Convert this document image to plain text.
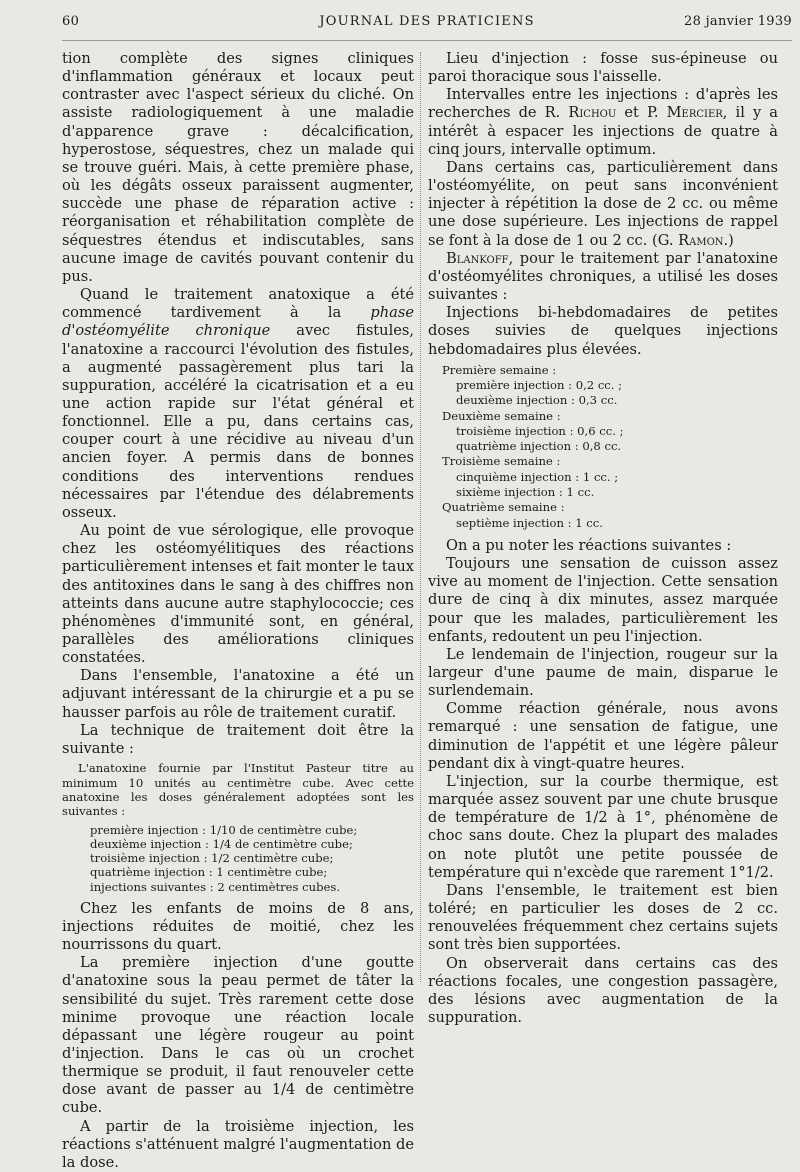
60	JOURNAL DES PRATICIENS	28 janvier 1939

tion complète des signes cliniques d'inflammation généraux et locaux peut contraster avec l'aspect sérieux du cliché. On assiste radiologiquement à une maladie d'apparence grave : décalcification, hyperostose, séquestres, chez un malade qui se trouve guéri. Mais, à cette première phase, où les dégâts osseux paraissent augmenter, succède une phase de réparation active : réorganisation et réhabilitation complète de séquestres étendus et indiscutables, sans aucune image de cavités pouvant contenir du pus.

Quand le traitement anatoxique a été commencé tardivement à la phase d'ostéomyélite chronique avec fistules, l'anatoxine a raccourci l'évolution des fistules, a augmenté passagèrement plus tari la suppuration, accéléré la cicatrisation et a eu une action rapide sur l'état général et fonctionnel. Elle a pu, dans certains cas, couper court à une récidive au niveau d'un ancien foyer. A permis dans de bonnes conditions des interventions rendues nécessaires par l'étendue des délabrements osseux.

Au point de vue sérologique, elle provoque chez les ostéomyélitiques des réactions particulièrement intenses et fait monter le taux des antitoxines dans le sang à des chiffres non atteints dans aucune autre staphylococcie; ces phénomènes d'immunité sont, en général, parallèles des améliorations cliniques constatées.

Dans l'ensemble, l'anatoxine a été un adjuvant intéressant de la chirurgie et a pu se hausser parfois au rôle de traitement curatif.

La technique de traitement doit être la suivante :

L'anatoxine fournie par l'Institut Pasteur titre au minimum 10 unités au centimètre cube. Avec cette anatoxine les doses généralement adoptées sont les suivantes :
première injection : 1/10 de centimètre cube;
deuxième injection : 1/4 de centimètre cube;
troisième injection : 1/2 centimètre cube;
quatrième injection : 1 centimètre cube;
injections suivantes : 2 centimètres cubes.

Chez les enfants de moins de 8 ans, injections réduites de moitié, chez les nourrissons du quart.

La première injection d'une goutte d'anatoxine sous la peau permet de tâter la sensibilité du sujet. Très rarement cette dose minime provoque une réaction locale dépassant une légère rougeur au point d'injection. Dans le cas où un crochet thermique se produit, il faut renouveler cette dose avant de passer au 1/4 de centimètre cube.

A partir de la troisième injection, les réactions s'atténuent malgré l'augmentation de la dose.

Lieu d'injection : fosse sus-épineuse ou paroi thoracique sous l'aisselle.

Intervalles entre les injections : d'après les recherches de R. Richou et P. Mercier, il y a intérêt à espacer les injections de quatre à cinq jours, intervalle optimum.

Dans certains cas, particulièrement dans l'ostéomyélite, on peut sans inconvénient injecter à répétition la dose de 2 cc. ou même une dose supérieure. Les injections de rappel se font à la dose de 1 ou 2 cc. (G. Ramon.)

Blankoff, pour le traitement par l'anatoxine d'ostéomyélites chroniques, a utilisé les doses suivantes :

Injections bi-hebdomadaires de petites doses suivies de quelques injections hebdomadaires plus élevées.

Première semaine :
première injection : 0,2 cc. ;
deuxième injection : 0,3 cc.
Deuxième semaine :
troisième injection : 0,6 cc. ;
quatrième injection : 0,8 cc.
Troisième semaine :
cinquième injection : 1 cc. ;
sixième injection : 1 cc.
Quatrième semaine :
septième injection : 1 cc.

On a pu noter les réactions suivantes :

Toujours une sensation de cuisson assez vive au moment de l'injection. Cette sensation dure de cinq à dix minutes, assez marquée pour que les malades, particulièrement les enfants, redoutent un peu l'injection.

Le lendemain de l'injection, rougeur sur la largeur d'une paume de main, disparue le surlendemain.

Comme réaction générale, nous avons remarqué : une sensation de fatigue, une diminution de l'appétit et une légère pâleur pendant dix à vingt-quatre heures.

L'injection, sur la courbe thermique, est marquée assez souvent par une chute brusque de température de 1/2 à 1°, phénomène de choc sans doute. Chez la plupart des malades on note plutôt une petite poussée de température qui n'excède que rarement 1°1/2.

Dans l'ensemble, le traitement est bien toléré; en particulier les doses de 2 cc. renouvelées fréquemment chez certains sujets sont très bien supportées.

On observerait dans certains cas des réactions focales, une congestion passagère, des lésions avec augmentation de la suppuration.
